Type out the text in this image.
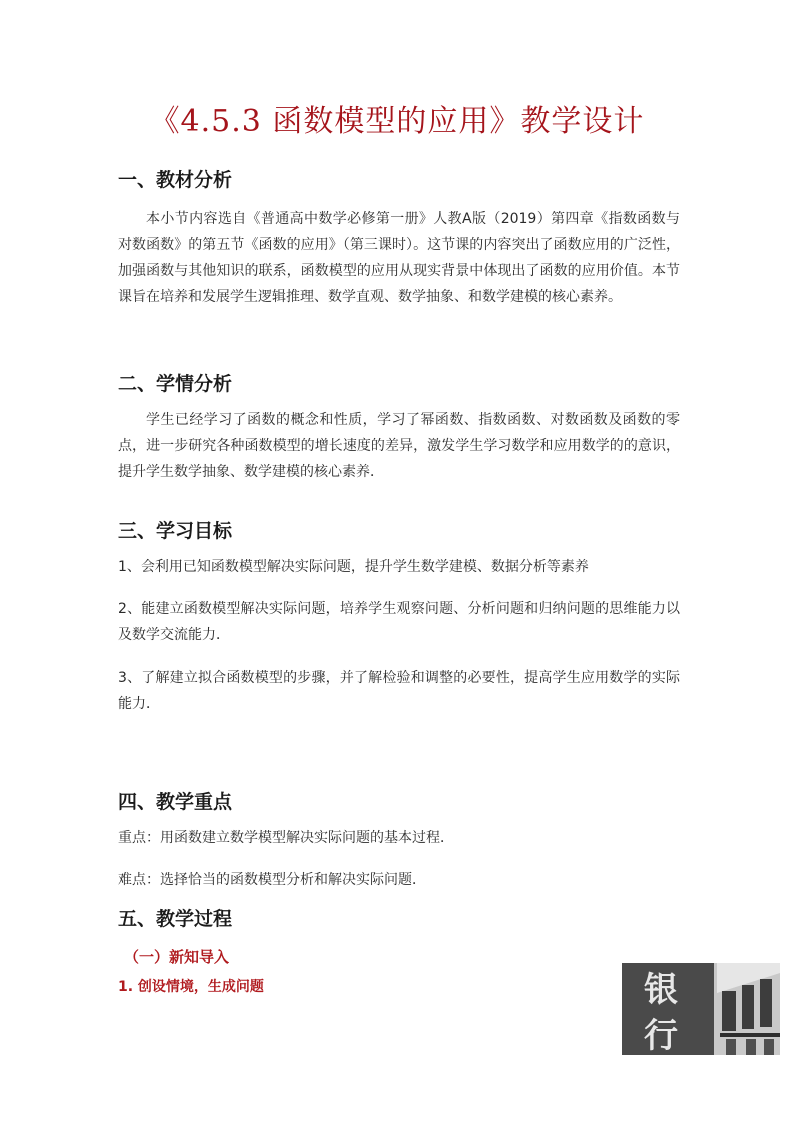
《4.5.3 函数模型的应用》教学设计
一、教材分析

本小节内容选自《普通高中数学必修第一册》人教A版（2019）第四章《指数函数与对数函数》的第五节《函数的应用》（第三课时）。这节课的内容突出了函数应用的广泛性，加强函数与其他知识的联系，函数模型的应用从现实背景中体现出了函数的应用价值。本节课旨在培养和发展学生逻辑推理、数学直观、数学抽象、和数学建模的核心素养。

二、学情分析

学生已经学习了函数的概念和性质，学习了幂函数、指数函数、对数函数及函数的零点，进一步研究各种函数模型的增长速度的差异，激发学生学习数学和应用数学的的意识，提升学生数学抽象、数学建模的核心素养．

三、学习目标

1、会利用已知函数模型解决实际问题，提升学生数学建模、数据分析等素养

2、能建立函数模型解决实际问题，培养学生观察问题、分析问题和归纳问题的思维能力以及数学交流能力．

3、了解建立拟合函数模型的步骤，并了解检验和调整的必要性，提高学生应用数学的实际能力．

四、教学重点

重点：用函数建立数学模型解决实际问题的基本过程．

难点：选择恰当的函数模型分析和解决实际问题．

五、教学过程
（一）新知导入
1. 创设情境，生成问题	银
行
